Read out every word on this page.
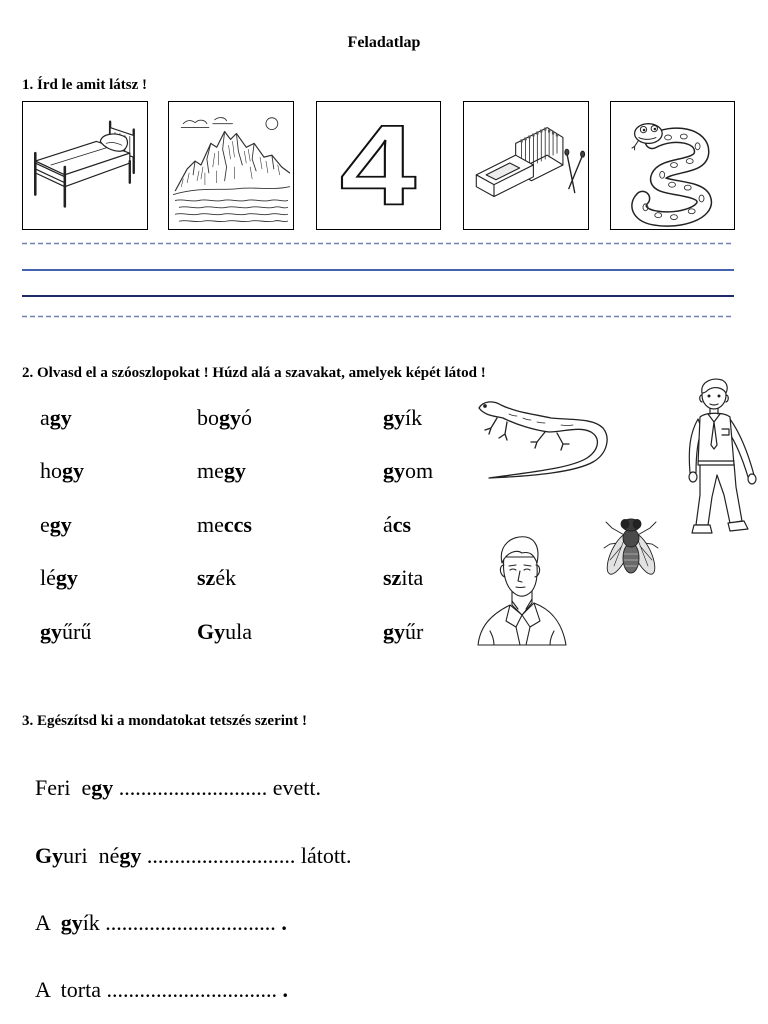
Feladatlap
1. Írd le amit látsz !
4
2. Olvasd el a szóoszlopokat ! Húzd alá a szavakat, amelyek képét látod !
agy	bogyó	gyík
hogy	megy	gyom
egy	meccs	ács
légy	szék	szita
gyűrű	Gyula	gyűr
3. Egészítsd ki a mondatokat tetszés szerint !
Feri  egy ........................... evett.
Gyuri  négy ........................... látott.
A  gyík ............................... .
A  torta ............................... .
